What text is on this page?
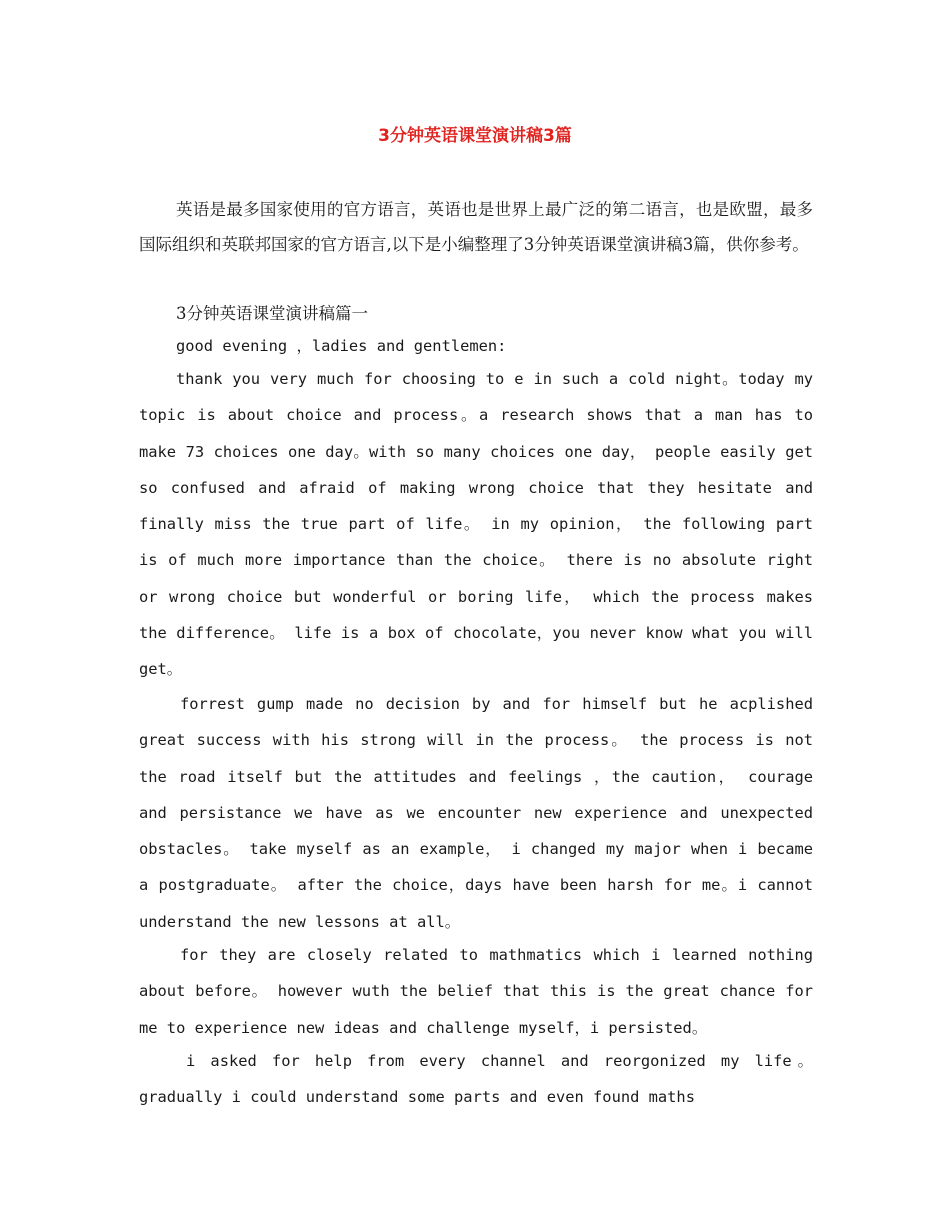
3分钟英语课堂演讲稿3篇
英语是最多国家使用的官方语言，英语也是世界上最广泛的第二语言，也是欧盟，最多国际组织和英联邦国家的官方语言,以下是小编整理了3分钟英语课堂演讲稿3篇，供你参考。
3分钟英语课堂演讲稿篇一
good evening ，ladies and gentlemen:
thank you very much for choosing to e in such a cold night。today my topic is about choice and process。a research shows that a man has to make 73 choices one day。with so many choices one day， people easily get so confused and afraid of making wrong choice that they hesitate and finally miss the true part of life。 in my opinion， the following part is of much more importance than the choice。 there is no absolute right or wrong choice but wonderful or boring life， which the process makes the difference。 life is a box of chocolate，you never know what you will get。
forrest gump made no decision by and for himself but he acplished great success with his strong will in the process。 the process is not the road itself but the attitudes and feelings ，the caution， courage and persistance we have as we encounter new experience and unexpected obstacles。 take myself as an example， i changed my major when i became a postgraduate。 after the choice，days have been harsh for me。i cannot understand the new lessons at all。
for they are closely related to mathmatics which i learned nothing about before。 however wuth the belief that this is the great chance for me to experience new ideas and challenge myself，i persisted。
i asked for help from every channel and reorgonized my life。 gradually i could understand some parts and even found maths
